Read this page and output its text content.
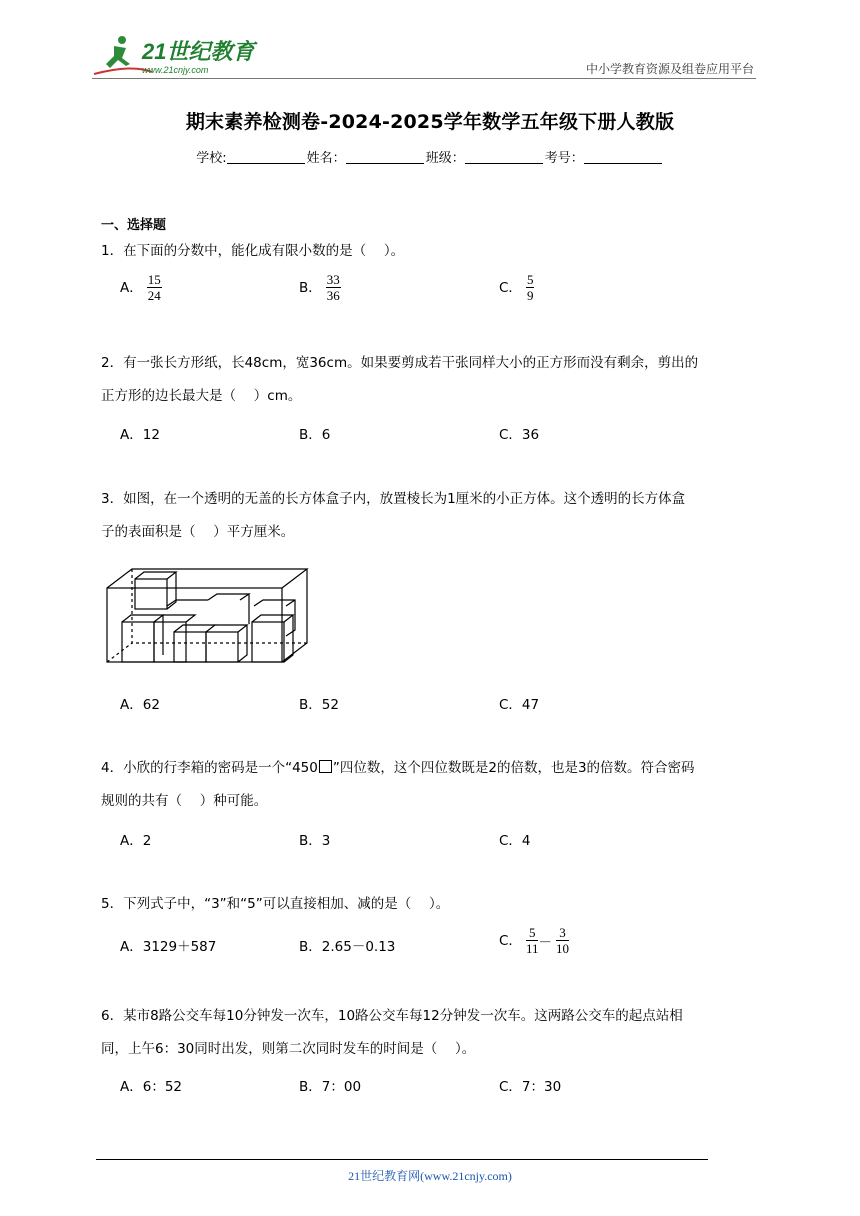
21世纪教育
www.21cnjy.com	中小学教育资源及组卷应用平台
期末素养检测卷-2024-2025学年数学五年级下册人教版
学校:	姓名：	班级：	考号：
一、选择题
1．在下面的分数中，能化成有限小数的是（　 ）。
A． $\frac{15}{24}$	B． $\frac{33}{36}$	C． $\frac{5}{9}$
2．有一张长方形纸，长48cm，宽36cm。如果要剪成若干张同样大小的正方形而没有剩余，剪出的
正方形的边长最大是（　 ）cm。
A．12	B．6	C．36
3．如图，在一个透明的无盖的长方体盒子内，放置棱长为1厘米的小正方体。这个透明的长方体盒
子的表面积是（　 ）平方厘米。
A．62	B．52	C．47
4．小欣的行李箱的密码是一个“450 ”四位数，这个四位数既是2的倍数，也是3的倍数。符合密码
规则的共有（　 ）种可能。
A．2	B．3	C．4
5．下列式子中，“3”和“5”可以直接相加、减的是（　 ）。
A．3129＋587	B．2.65－0.13	C． $\frac{5}{11} - \frac{3}{10}$
6．某市8路公交车每10分钟发一次车，10路公交车每12分钟发一次车。这两路公交车的起点站相
同，上午6：30同时出发，则第二次同时发车的时间是（　 ）。
A．6：52	B．7：00	C．7：30
21世纪教育网(www.21cnjy.com)
